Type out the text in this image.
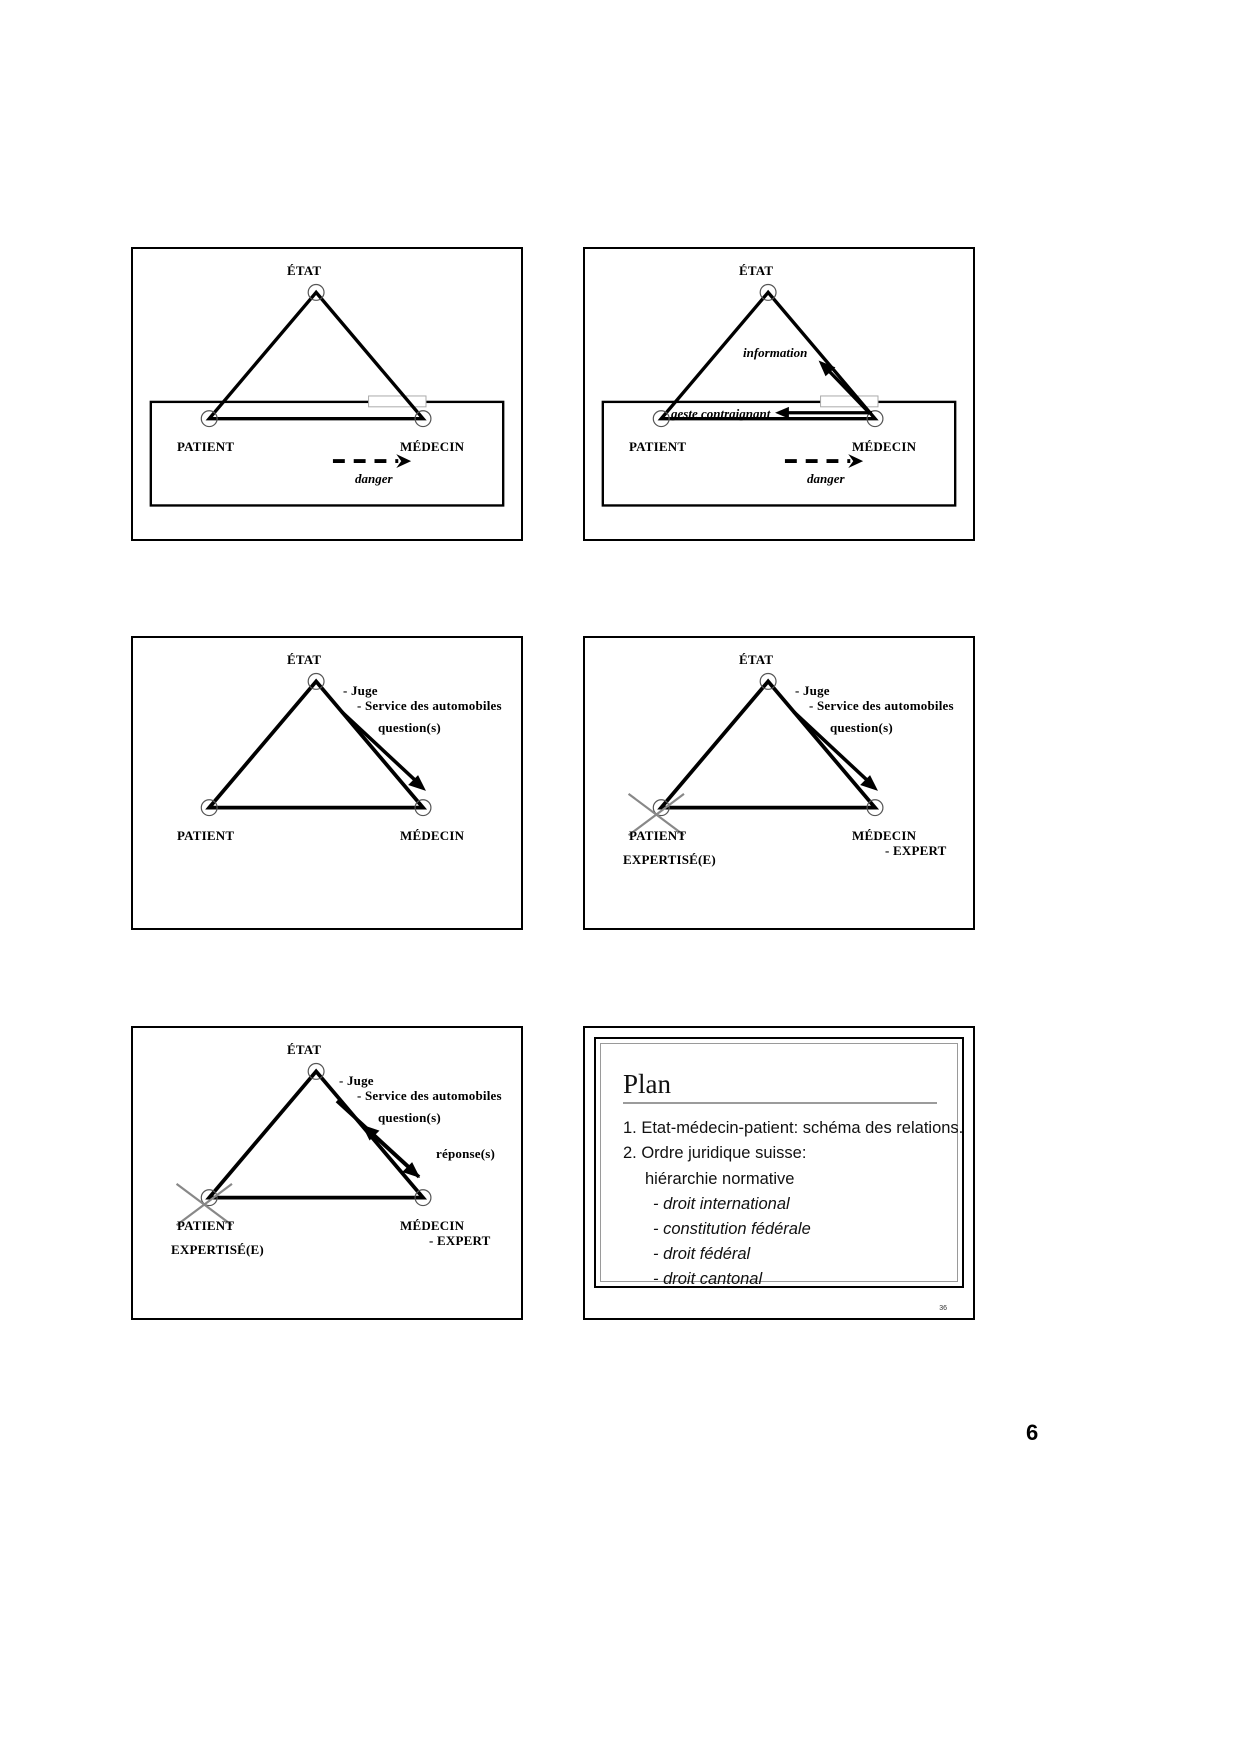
ÉTAT
PATIENT	MÉDECIN
danger
ÉTAT
PATIENT	MÉDECIN
information
geste contraignant
danger
ÉTAT
PATIENT	MÉDECIN
- Juge
- Service des automobiles
question(s)
ÉTAT
PATIENT	MÉDECIN
- Juge
- Service des automobiles
question(s)
EXPERTISÉ(E)
- EXPERT
ÉTAT
PATIENT	MÉDECIN
- Juge
- Service des automobiles
question(s)
réponse(s)
EXPERTISÉ(E)
- EXPERT
Plan
1. Etat-médecin-patient: schéma des relations.
2. Ordre juridique suisse:
hiérarchie normative
- droit international
- constitution fédérale
- droit fédéral
- droit cantonal
36
6
